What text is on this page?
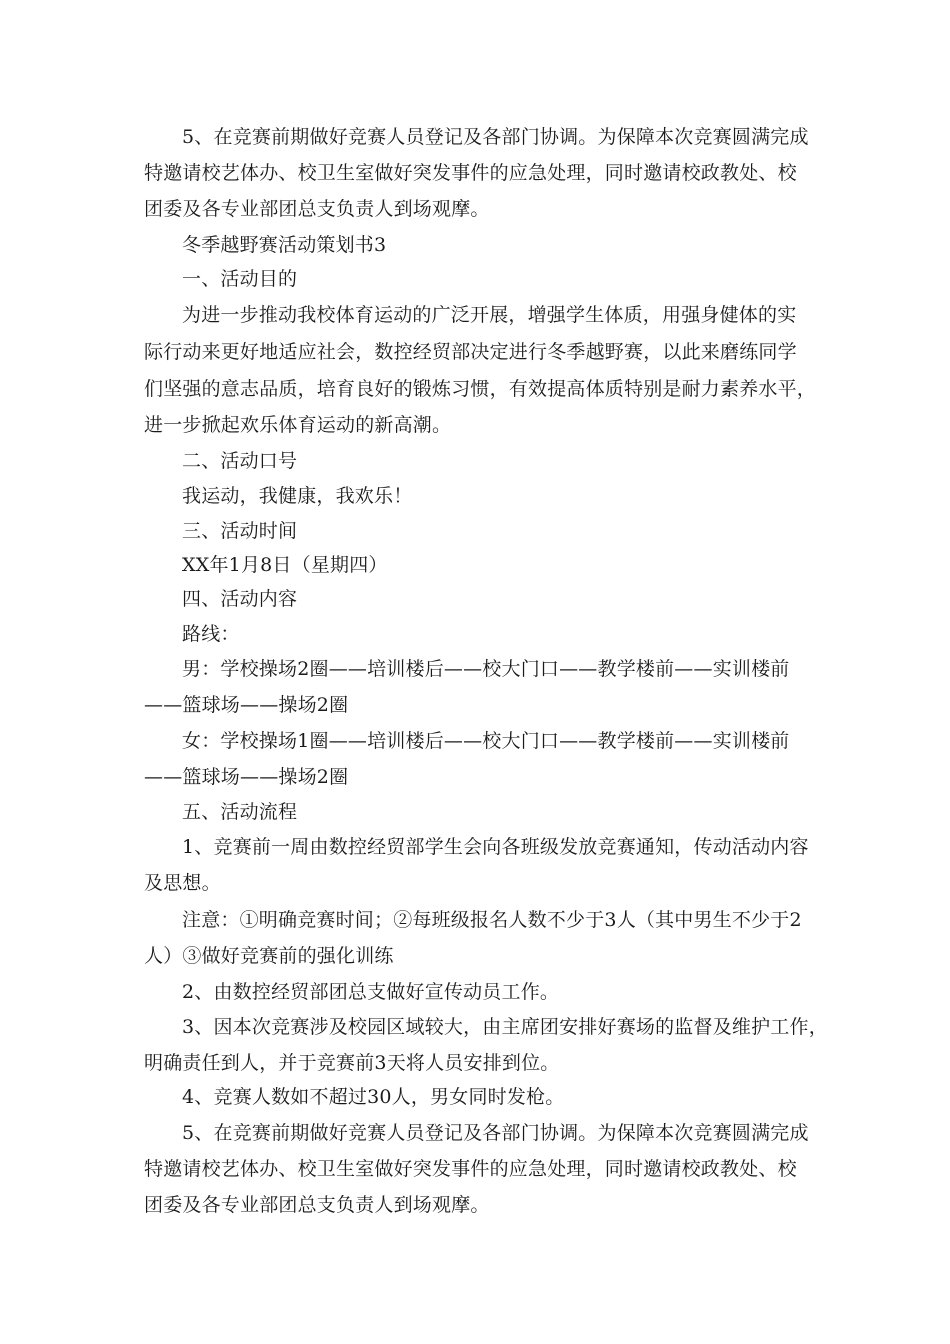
5、在竞赛前期做好竞赛人员登记及各部门协调。为保障本次竞赛圆满完成
特邀请校艺体办、校卫生室做好突发事件的应急处理，同时邀请校政教处、校
团委及各专业部团总支负责人到场观摩。
冬季越野赛活动策划书3
一、活动目的
为进一步推动我校体育运动的广泛开展，增强学生体质，用强身健体的实
际行动来更好地适应社会，数控经贸部决定进行冬季越野赛，以此来磨练同学
们坚强的意志品质，培育良好的锻炼习惯，有效提高体质特别是耐力素养水平，
进一步掀起欢乐体育运动的新高潮。
二、活动口号
我运动，我健康，我欢乐！
三、活动时间
XX年1月8日（星期四）
四、活动内容
路线：
男：学校操场2圈——培训楼后——校大门口——教学楼前——实训楼前
——篮球场——操场2圈
女：学校操场1圈——培训楼后——校大门口——教学楼前——实训楼前
——篮球场——操场2圈
五、活动流程
1、竞赛前一周由数控经贸部学生会向各班级发放竞赛通知，传动活动内容
及思想。
注意：①明确竞赛时间；②每班级报名人数不少于3人（其中男生不少于2
人）③做好竞赛前的强化训练
2、由数控经贸部团总支做好宣传动员工作。
3、因本次竞赛涉及校园区域较大，由主席团安排好赛场的监督及维护工作，
明确责任到人，并于竞赛前3天将人员安排到位。
4、竞赛人数如不超过30人，男女同时发枪。
5、在竞赛前期做好竞赛人员登记及各部门协调。为保障本次竞赛圆满完成
特邀请校艺体办、校卫生室做好突发事件的应急处理，同时邀请校政教处、校
团委及各专业部团总支负责人到场观摩。
